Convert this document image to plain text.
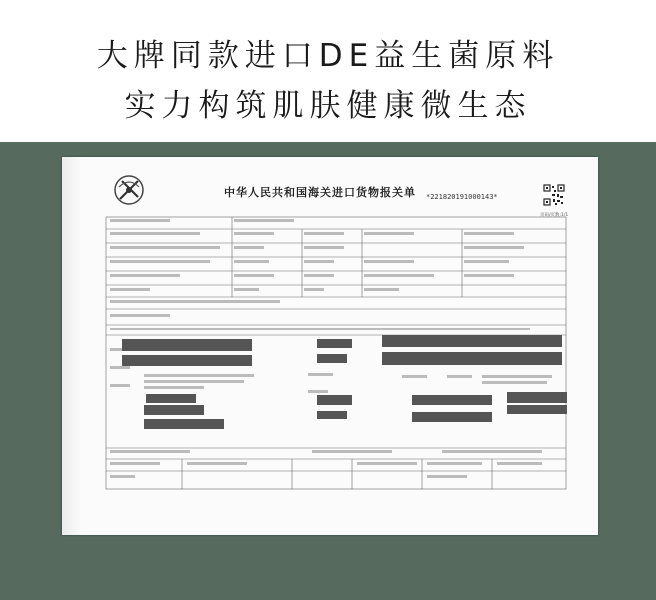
大牌同款进口DE益生菌原料
实力构筑肌肤健康微生态
中华人民共和国海关进口货物报关单 *221820191000143*
页码/页数:1/1
